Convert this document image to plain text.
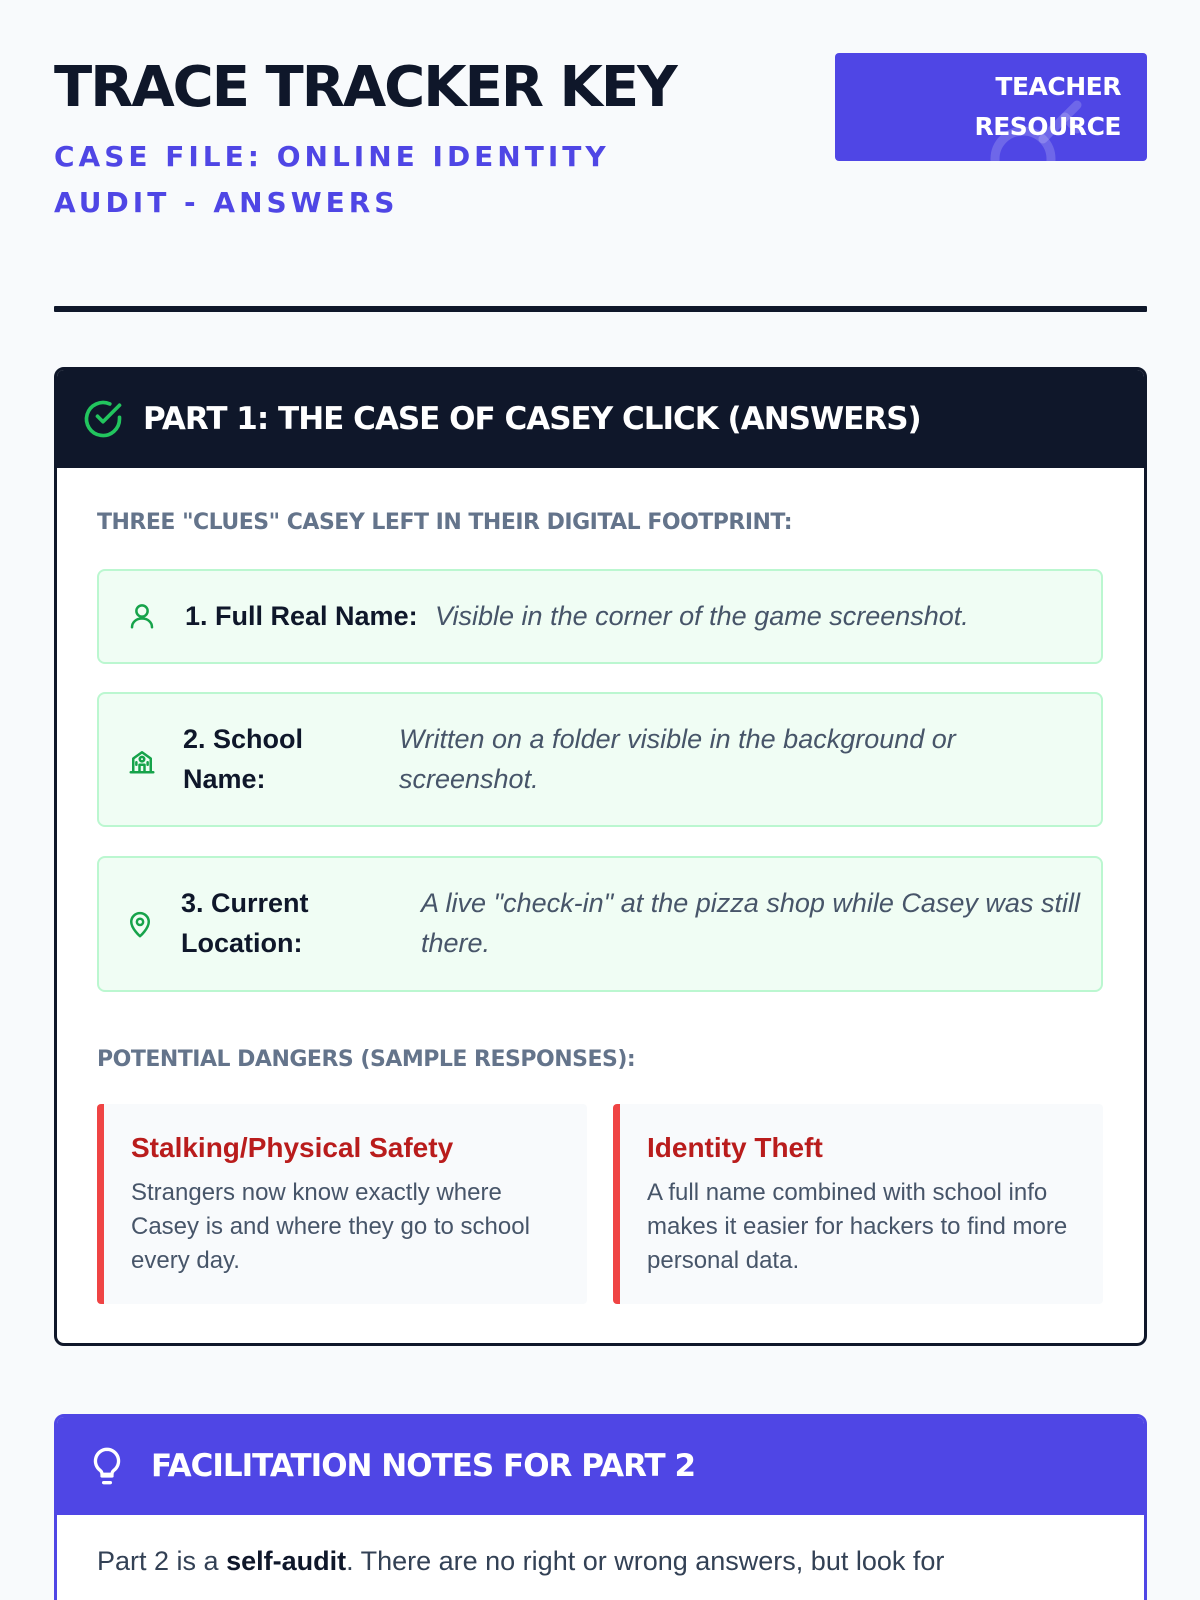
TRACE TRACKER KEY
CASE FILE: ONLINE IDENTITY AUDIT - ANSWERS
TEACHER
RESOURCE
PART 1: THE CASE OF CASEY CLICK (ANSWERS)
THREE "CLUES" CASEY LEFT IN THEIR DIGITAL FOOTPRINT:
1. Full Real Name: Visible in the corner of the game screenshot.
2. School Name:
Written on a folder visible in the background or screenshot.
3. Current Location:
A live "check-in" at the pizza shop while Casey was still there.
POTENTIAL DANGERS (SAMPLE RESPONSES):
Stalking/Physical Safety
Strangers now know exactly where Casey is and where they go to school every day.
Identity Theft
A full name combined with school info makes it easier for hackers to find more personal data.
FACILITATION NOTES FOR PART 2
Part 2 is a self-audit. There are no right or wrong answers, but look for
